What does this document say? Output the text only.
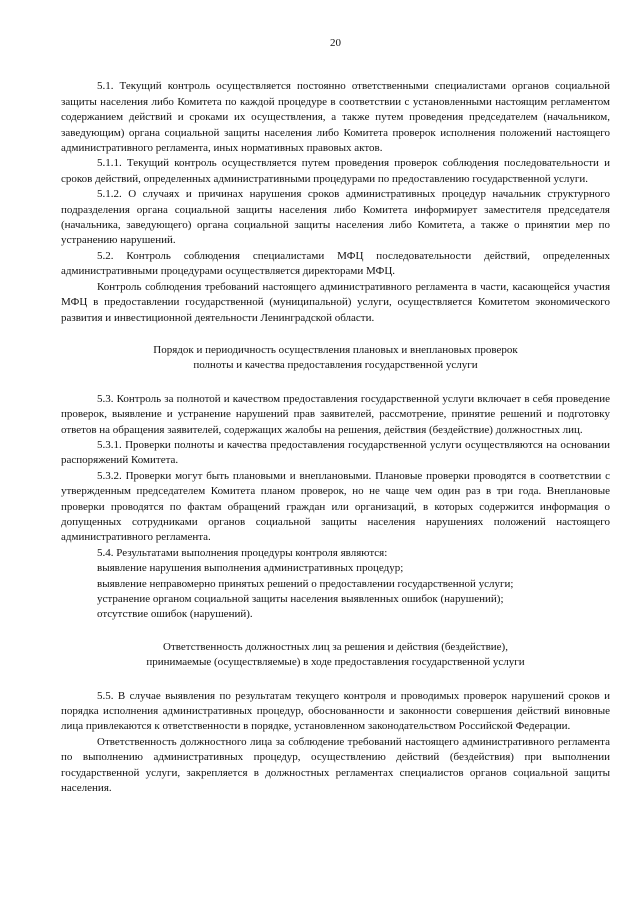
20

5.1. Текущий контроль осуществляется постоянно ответственными специалистами органов социальной защиты населения либо Комитета по каждой процедуре в соответствии с установленными настоящим регламентом содержанием действий и сроками их осуществления, а также путем проведения председателем (начальником, заведующим) органа социальной защиты населения либо Комитета проверок исполнения положений настоящего административного регламента, иных нормативных правовых актов.

5.1.1. Текущий контроль осуществляется путем проведения проверок соблюдения последовательности и сроков действий, определенных административными процедурами по предоставлению государственной услуги.

5.1.2. О случаях и причинах нарушения сроков административных процедур начальник структурного подразделения органа социальной защиты населения либо Комитета информирует заместителя председателя (начальника, заведующего) органа социальной защиты населения либо Комитета, а также о принятии мер по устранению нарушений.

5.2. Контроль соблюдения специалистами МФЦ последовательности действий, определенных административными процедурами осуществляется директорами МФЦ.

Контроль соблюдения требований настоящего административного регламента в части, касающейся участия МФЦ в предоставлении государственной (муниципальной) услуги, осуществляется Комитетом экономического развития и инвестиционной деятельности Ленинградской области.

Порядок и периодичность осуществления плановых и внеплановых проверок
полноты и качества предоставления государственной услуги

5.3. Контроль за полнотой и качеством предоставления государственной услуги включает в себя проведение проверок, выявление и устранение нарушений прав заявителей, рассмотрение, принятие решений и подготовку ответов на обращения заявителей, содержащих жалобы на решения, действия (бездействие) должностных лиц.

5.3.1. Проверки полноты и качества предоставления государственной услуги осуществляются на основании распоряжений Комитета.

5.3.2. Проверки могут быть плановыми и внеплановыми. Плановые проверки проводятся в соответствии с утвержденным председателем Комитета планом проверок, но не чаще чем один раз в три года. Внеплановые проверки проводятся по фактам обращений граждан или организаций, в которых содержится информация о допущенных сотрудниками органов социальной защиты населения нарушениях положений настоящего административного регламента.

5.4. Результатами выполнения процедуры контроля являются:

выявление нарушения выполнения административных процедур;

выявление неправомерно принятых решений о предоставлении государственной услуги;

устранение органом социальной защиты населения выявленных ошибок (нарушений);

отсутствие ошибок (нарушений).

Ответственность должностных лиц за решения и действия (бездействие),
принимаемые (осуществляемые) в ходе предоставления государственной услуги

5.5. В случае выявления по результатам текущего контроля и проводимых проверок нарушений сроков и порядка исполнения административных процедур, обоснованности и законности совершения действий виновные лица привлекаются к ответственности в порядке, установленном законодательством Российской Федерации.

Ответственность должностного лица за соблюдение требований настоящего административного регламента по выполнению административных процедур, осуществлению действий (бездействия) при выполнении государственной услуги, закрепляется в должностных регламентах специалистов органов социальной защиты населения.
